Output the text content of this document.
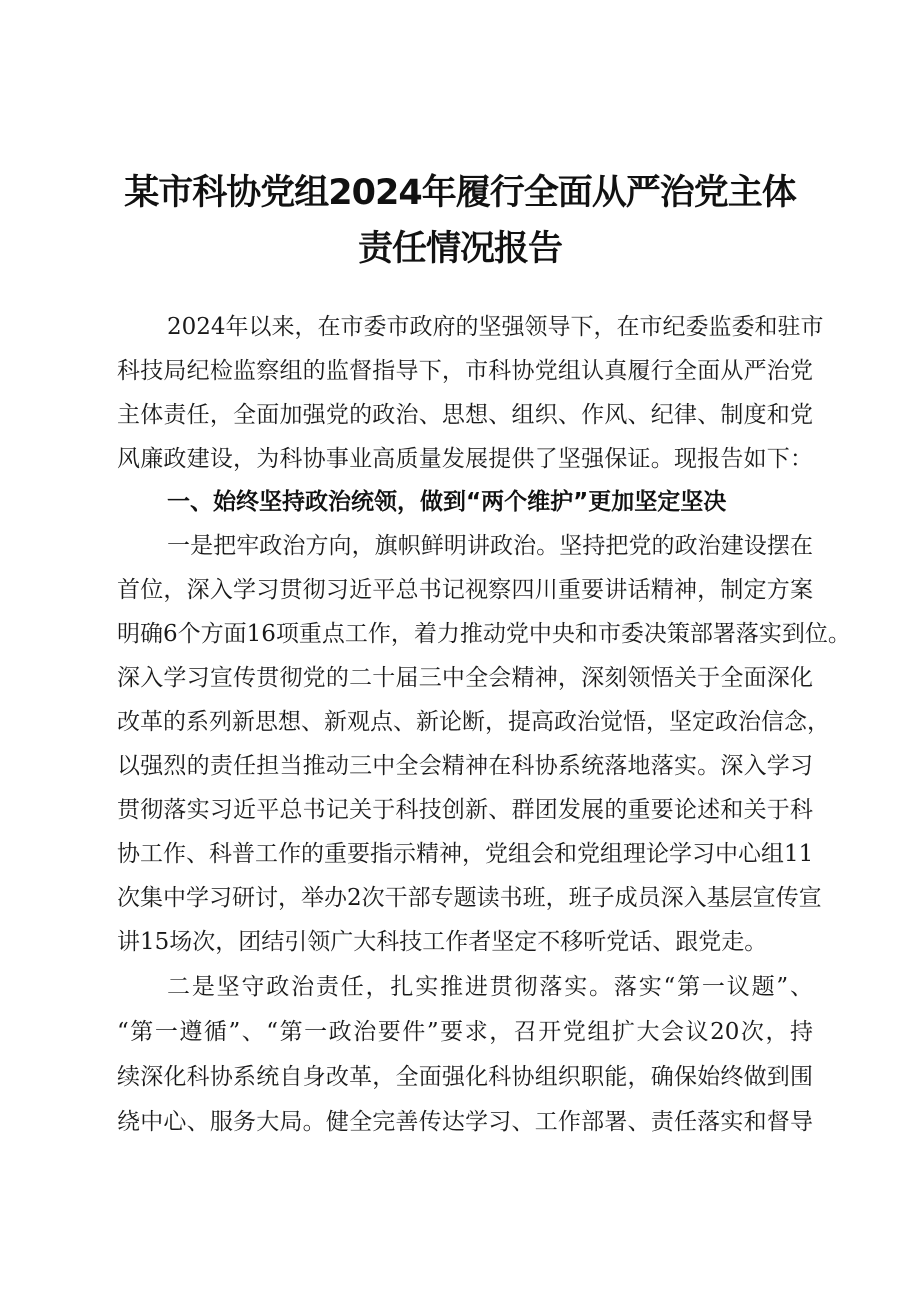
某市科协党组2024年履行全面从严治党主体
责任情况报告
2024年以来，在市委市政府的坚强领导下，在市纪委监委和驻市
科技局纪检监察组的监督指导下，市科协党组认真履行全面从严治党
主体责任，全面加强党的政治、思想、组织、作风、纪律、制度和党
风廉政建设，为科协事业高质量发展提供了坚强保证。现报告如下：
一、始终坚持政治统领，做到“两个维护”更加坚定坚决
一是把牢政治方向，旗帜鲜明讲政治。坚持把党的政治建设摆在
首位，深入学习贯彻习近平总书记视察四川重要讲话精神，制定方案
明确6个方面16项重点工作，着力推动党中央和市委决策部署落实到位。
深入学习宣传贯彻党的二十届三中全会精神，深刻领悟关于全面深化
改革的系列新思想、新观点、新论断，提高政治觉悟，坚定政治信念，
以强烈的责任担当推动三中全会精神在科协系统落地落实。深入学习
贯彻落实习近平总书记关于科技创新、群团发展的重要论述和关于科
协工作、科普工作的重要指示精神，党组会和党组理论学习中心组11
次集中学习研讨，举办2次干部专题读书班，班子成员深入基层宣传宣
讲15场次，团结引领广大科技工作者坚定不移听党话、跟党走。
二是坚守政治责任，扎实推进贯彻落实。落实“第一议题”、
“第一遵循”、“第一政治要件”要求，召开党组扩大会议20次，持
续深化科协系统自身改革，全面强化科协组织职能，确保始终做到围
绕中心、服务大局。健全完善传达学习、工作部署、责任落实和督导
